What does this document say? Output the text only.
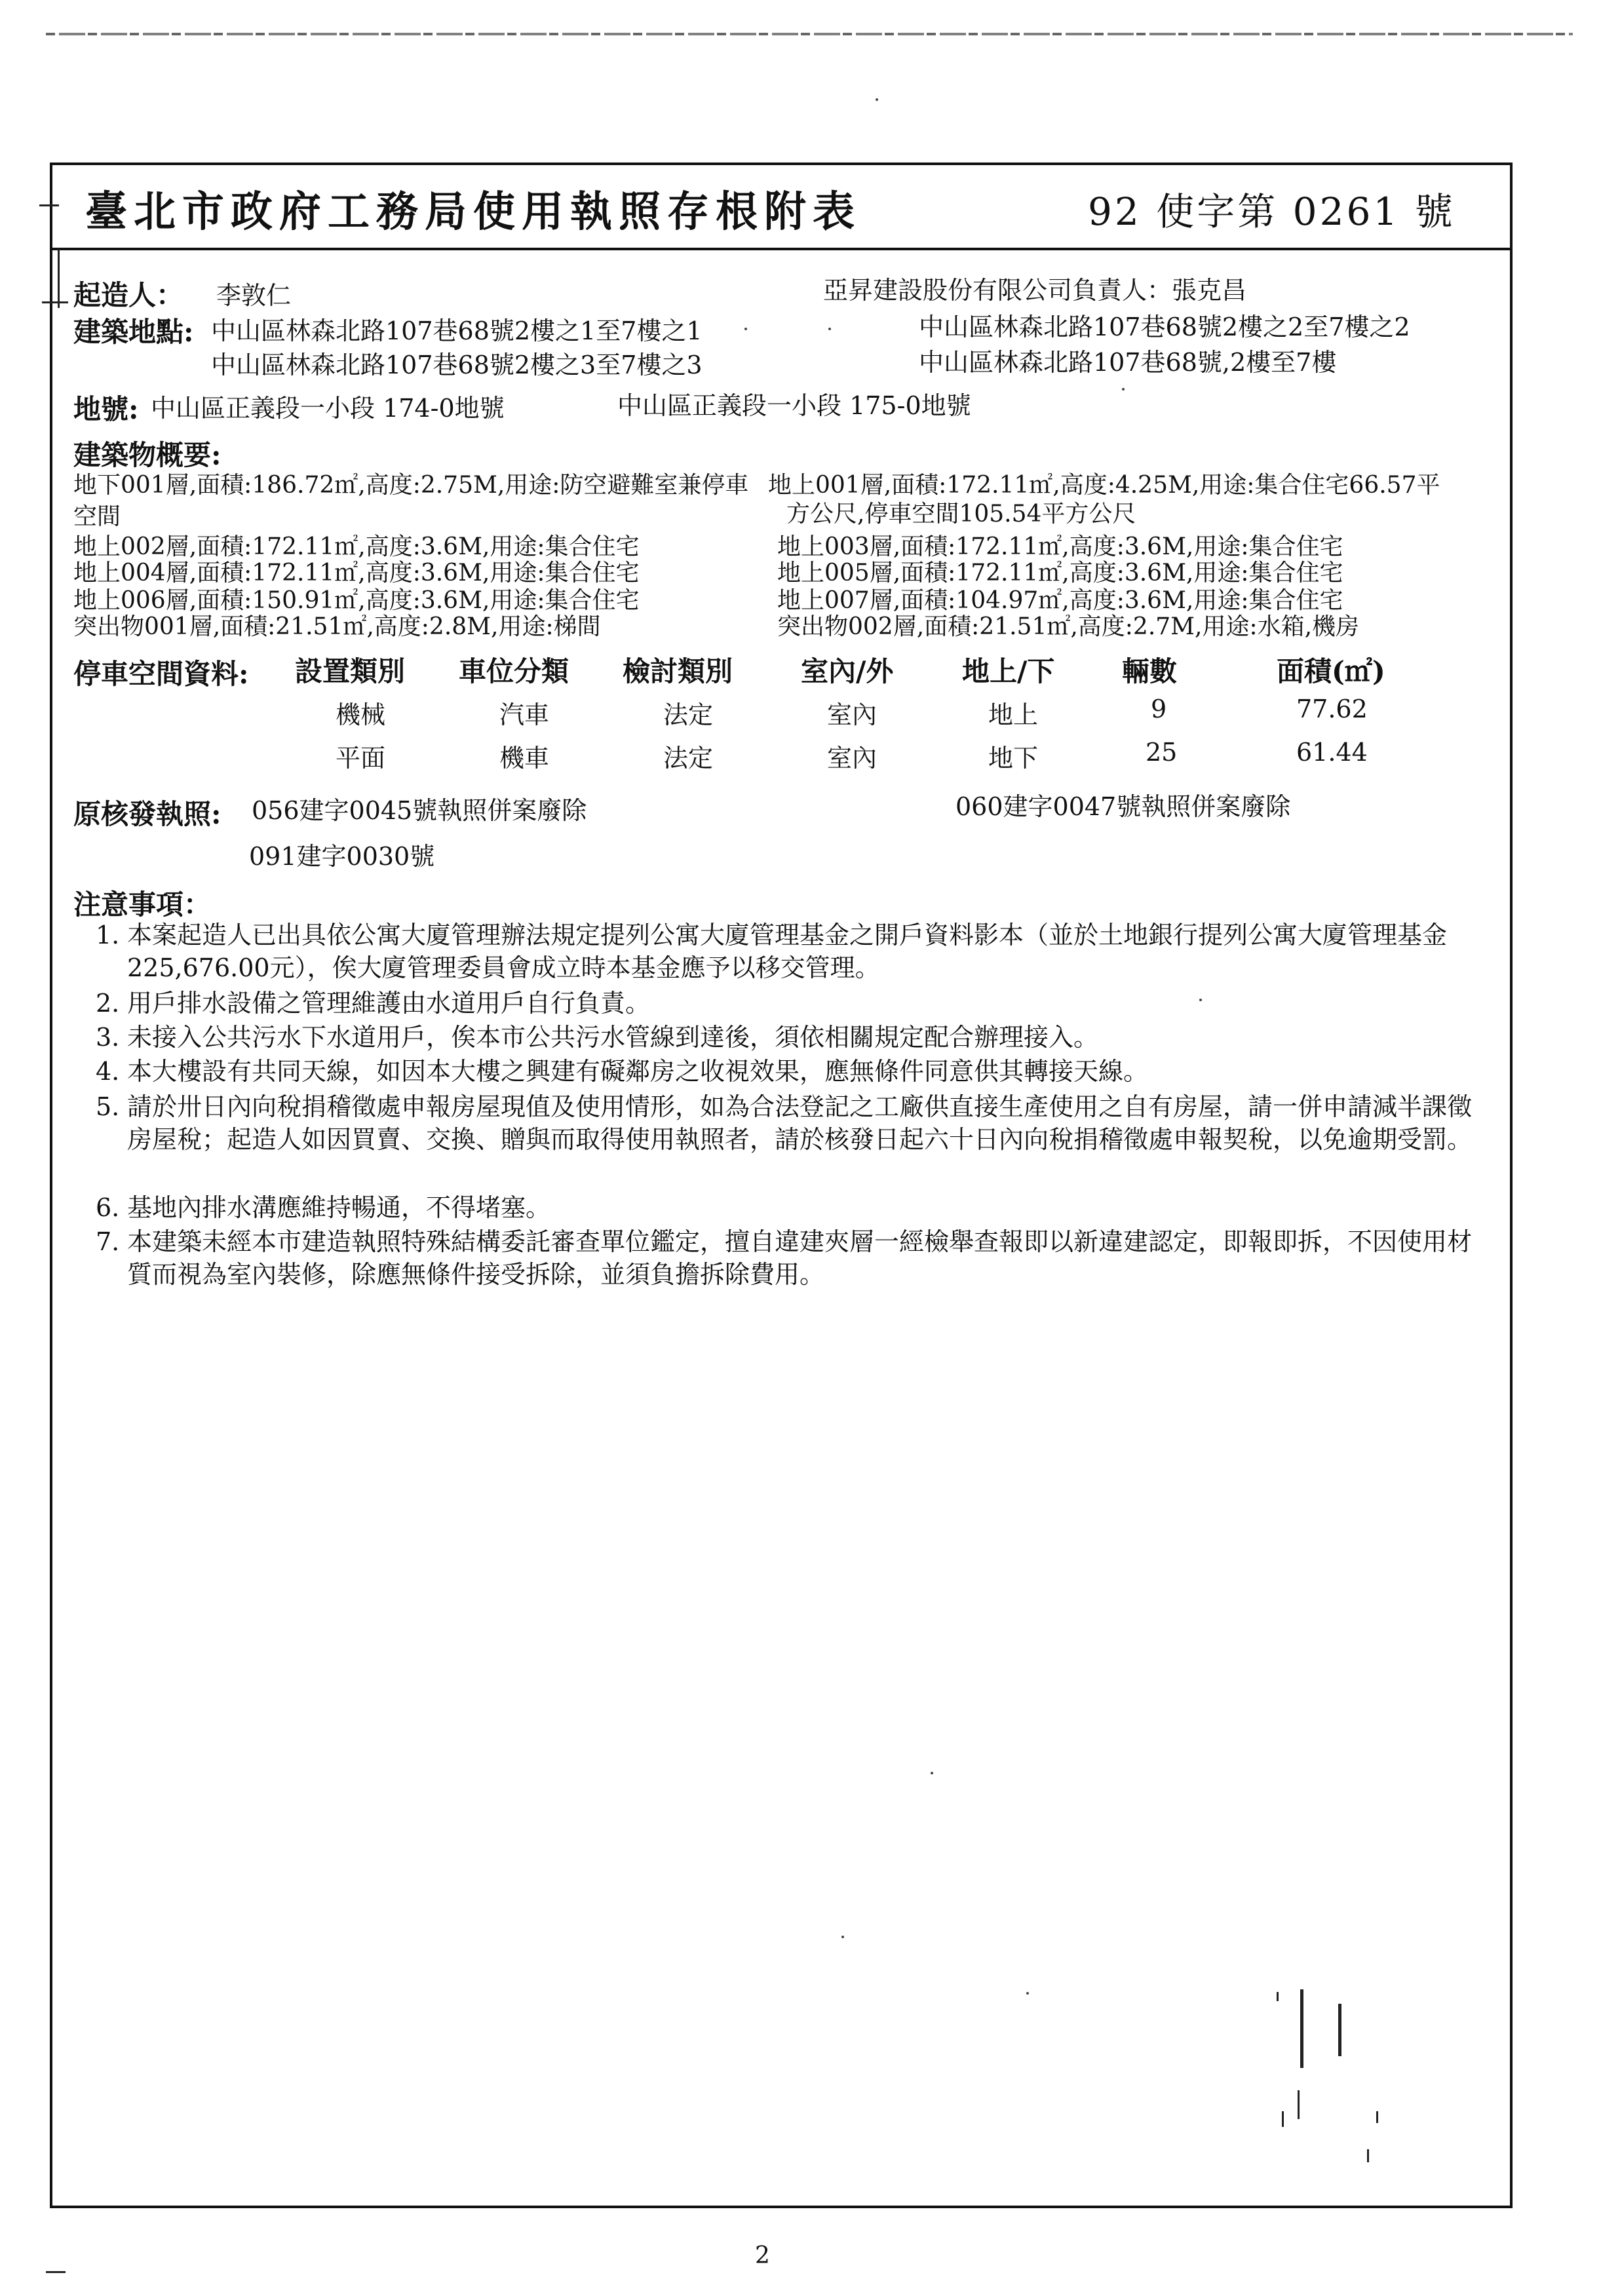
臺北市政府工務局使用執照存根附表	92 使字第 0261 號
起造人： 李敦仁	亞昇建設股份有限公司負責人：張克昌
建築地點: 中山區林森北路107巷68號2樓之1至7樓之1	中山區林森北路107巷68號2樓之2至7樓之2
中山區林森北路107巷68號2樓之3至7樓之3	中山區林森北路107巷68號,2樓至7樓
地號: 中山區正義段一小段 174-0地號	中山區正義段一小段 175-0地號
建築物概要:
地下001層,面積:186.72㎡,高度:2.75M,用途:防空避難室兼停車
空間
地上001層,面積:172.11㎡,高度:4.25M,用途:集合住宅66.57平
方公尺,停車空間105.54平方公尺
地上002層,面積:172.11㎡,高度:3.6M,用途:集合住宅
地上004層,面積:172.11㎡,高度:3.6M,用途:集合住宅
地上006層,面積:150.91㎡,高度:3.6M,用途:集合住宅
突出物001層,面積:21.51㎡,高度:2.8M,用途:梯間
地上003層,面積:172.11㎡,高度:3.6M,用途:集合住宅
地上005層,面積:172.11㎡,高度:3.6M,用途:集合住宅
地上007層,面積:104.97㎡,高度:3.6M,用途:集合住宅
突出物002層,面積:21.51㎡,高度:2.7M,用途:水箱,機房
停車空間資料: 設置類別 車位分類 檢討類別 室內/外 地上/下 輛數	面積(㎡)
機械	汽車	法定	室內	地上	9	77.62
平面	機車	法定	室內	地下	25	61.44
原核發執照: 056建字0045號執照併案廢除	060建字0047號執照併案廢除
091建字0030號
注意事項：
1. 本案起造人已出具依公寓大廈管理辦法規定提列公寓大廈管理基金之開戶資料影本（並於土地銀行提列公寓大廈管理基金225,676.00元），俟大廈管理委員會成立時本基金應予以移交管理。
2. 用戶排水設備之管理維護由水道用戶自行負責。
3. 未接入公共污水下水道用戶，俟本市公共污水管線到達後，須依相關規定配合辦理接入。
4. 本大樓設有共同天線，如因本大樓之興建有礙鄰房之收視效果，應無條件同意供其轉接天線。
5. 請於卅日內向稅捐稽徵處申報房屋現值及使用情形，如為合法登記之工廠供直接生產使用之自有房屋，請一併申請減半課徵房屋稅；起造人如因買賣、交換、贈與而取得使用執照者，請於核發日起六十日內向稅捐稽徵處申報契稅，以免逾期受罰。
6. 基地內排水溝應維持暢通，不得堵塞。
7. 本建築未經本市建造執照特殊結構委託審查單位鑑定，擅自違建夾層一經檢舉查報即以新違建認定，即報即拆，不因使用材質而視為室內裝修，除應無條件接受拆除，並須負擔拆除費用。
2
